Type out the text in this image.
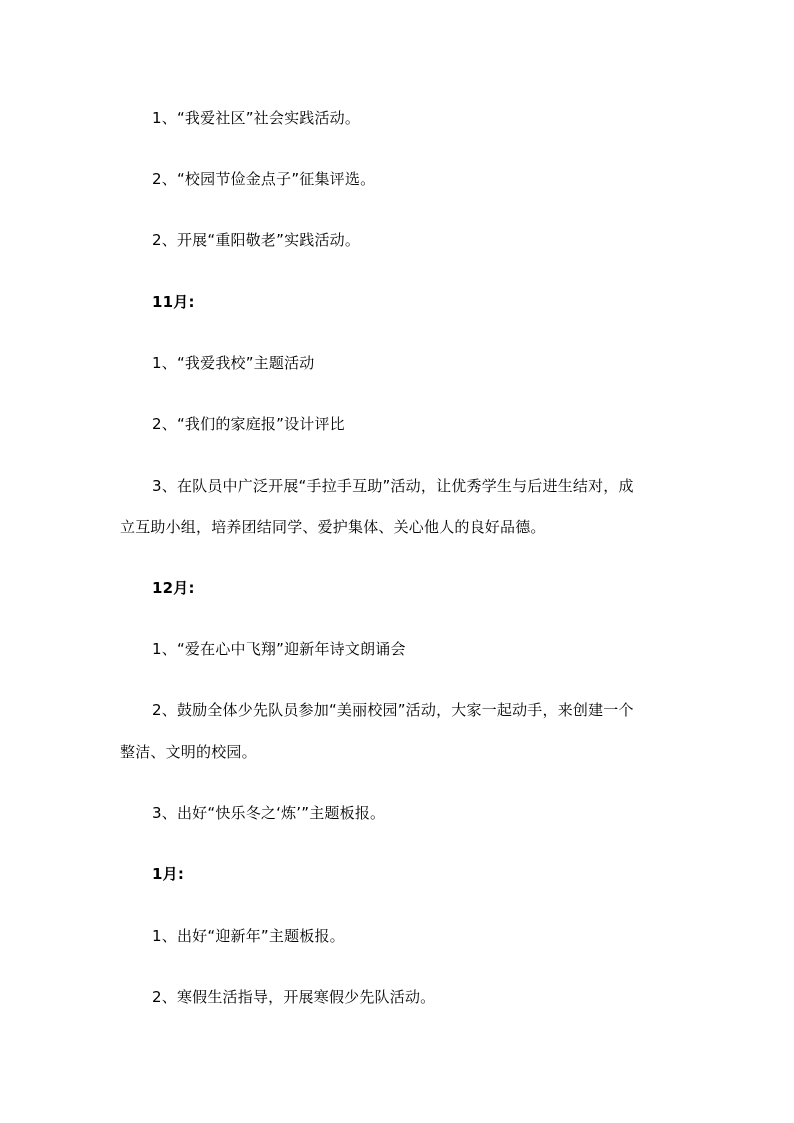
1、“我爱社区”社会实践活动。
2、“校园节俭金点子”征集评选。
2、开展“重阳敬老”实践活动。
11月:
1、“我爱我校”主题活动
2、“我们的家庭报”设计评比
3、在队员中广泛开展“手拉手互助”活动，让优秀学生与后进生结对，成
立互助小组，培养团结同学、爱护集体、关心他人的良好品德。
12月:
1、“爱在心中飞翔”迎新年诗文朗诵会
2、鼓励全体少先队员参加“美丽校园”活动，大家一起动手，来创建一个
整洁、文明的校园。
3、出好“快乐冬之‘炼’”主题板报。
1月:
1、出好“迎新年”主题板报。
2、寒假生活指导，开展寒假少先队活动。
